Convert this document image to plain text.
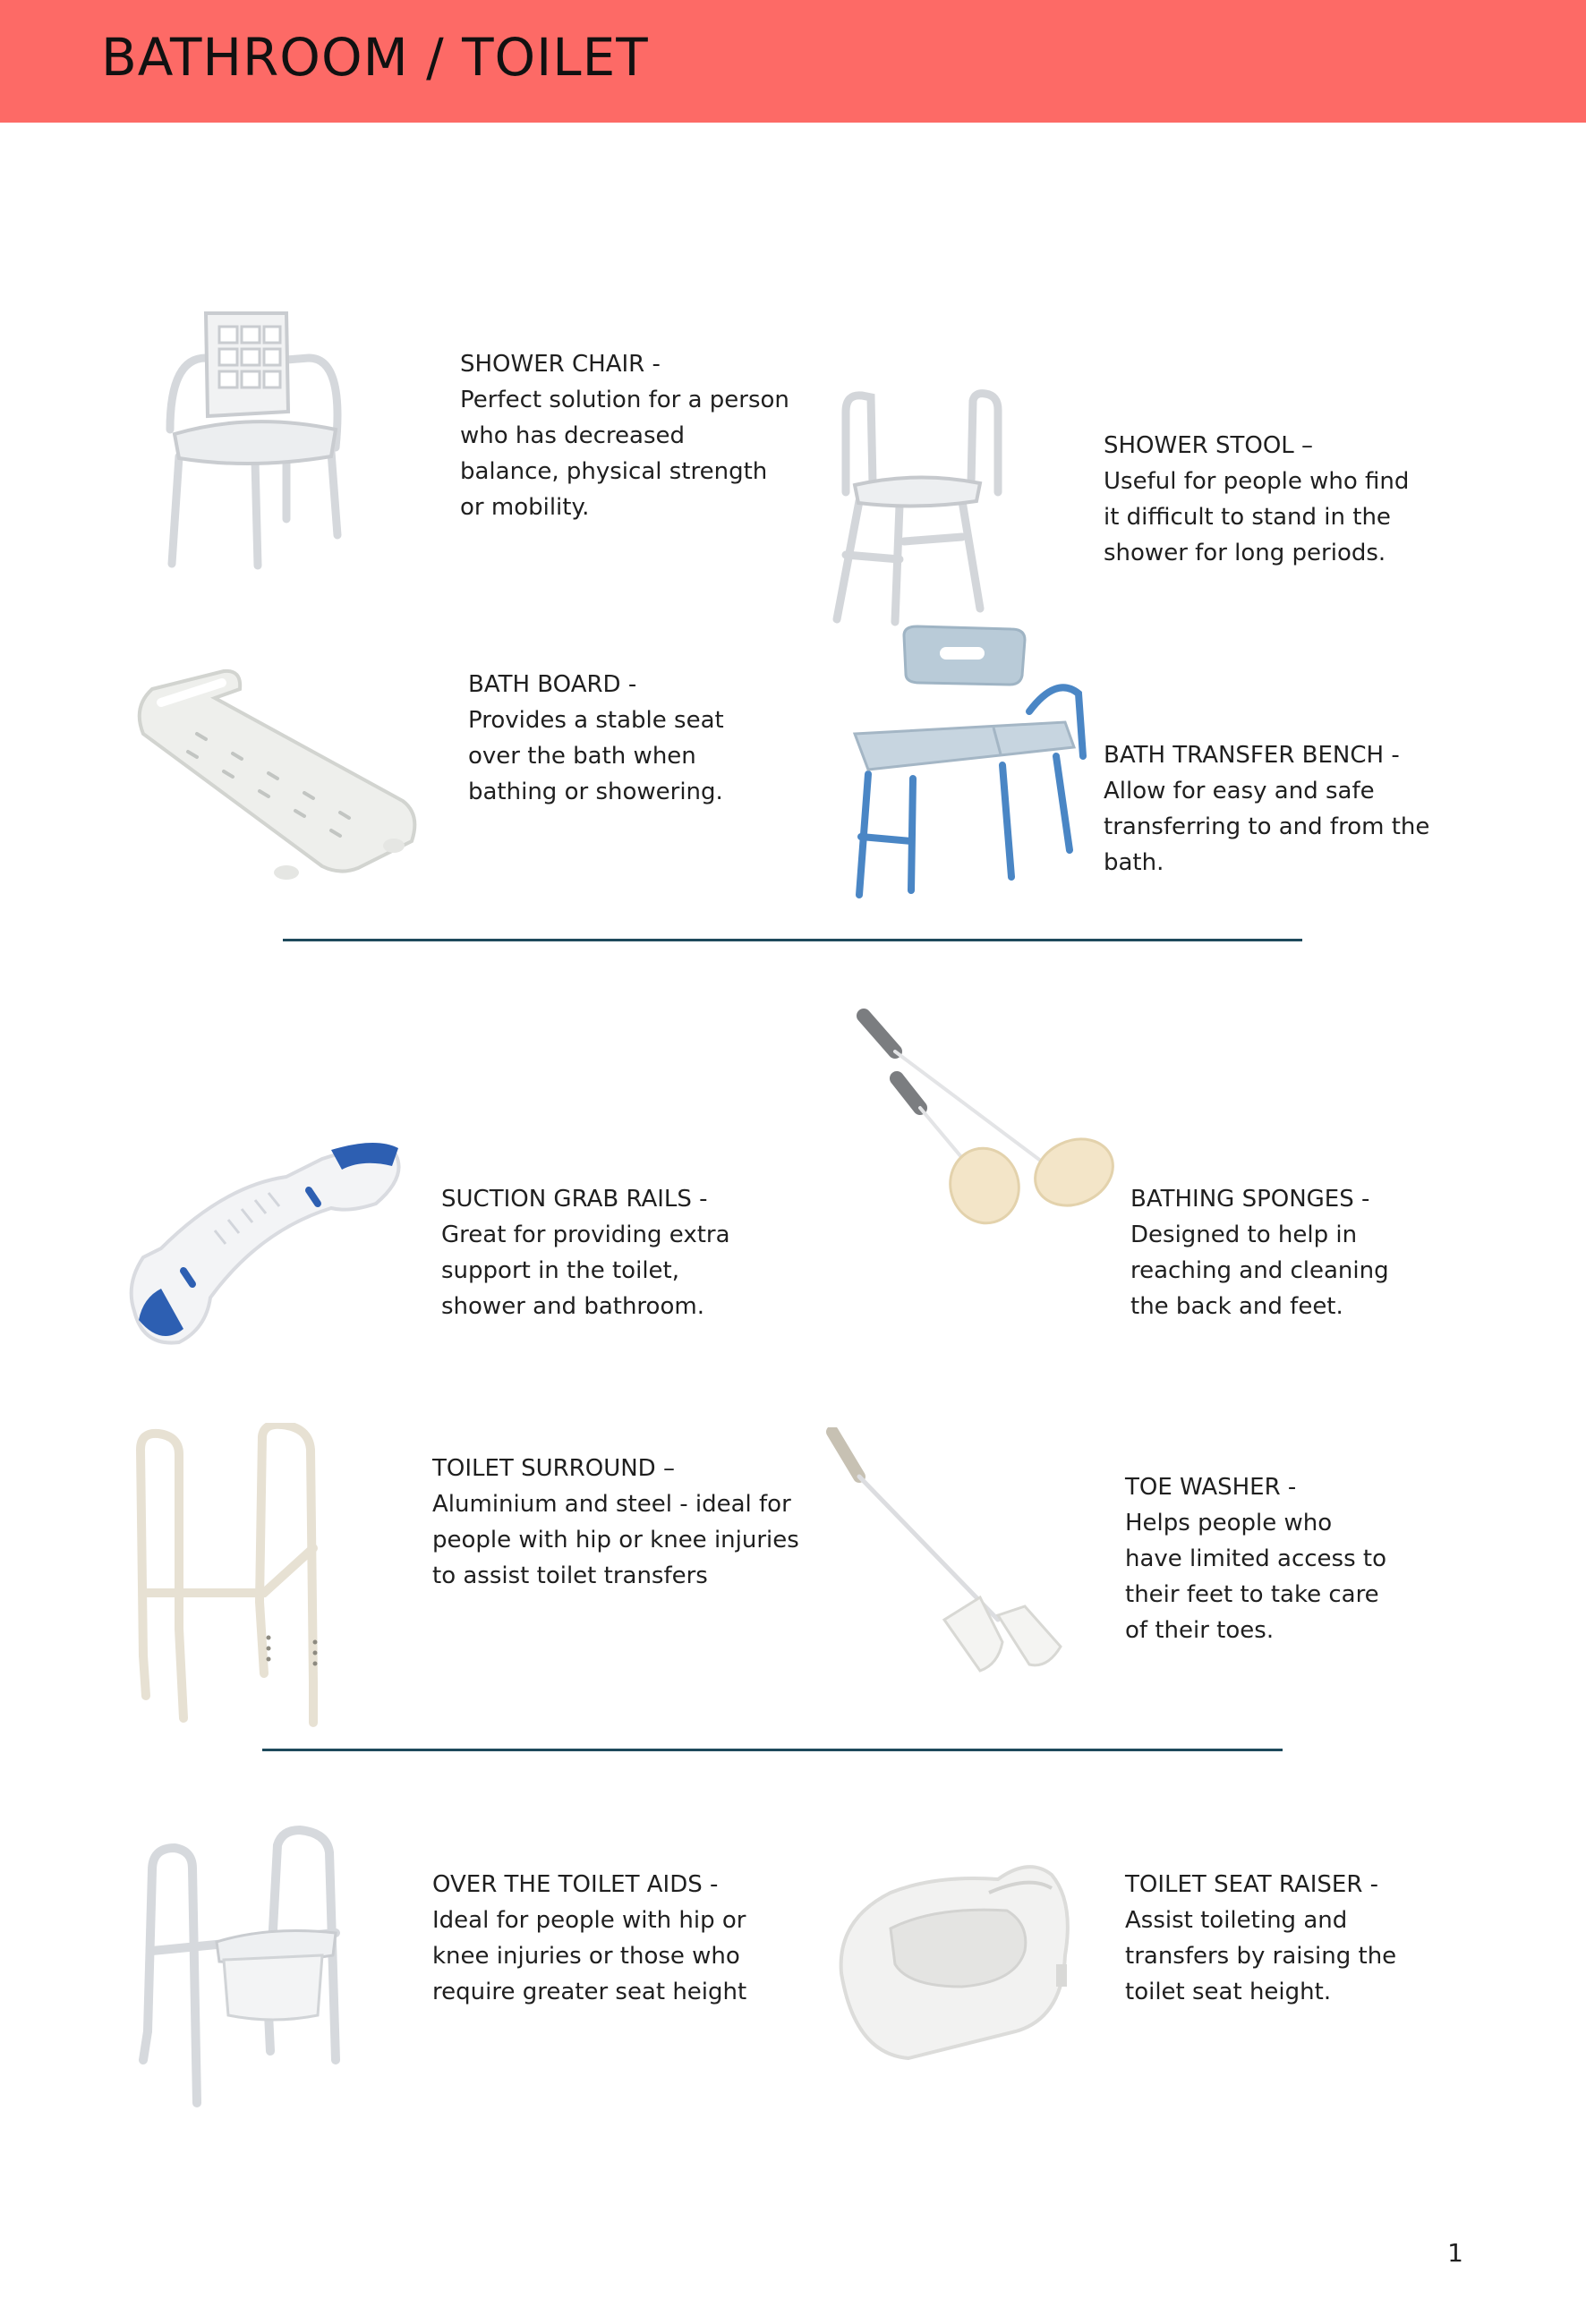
BATHROOM / TOILET
SHOWER CHAIR -
Perfect solution for a person
who has decreased
balance, physical strength
or mobility.
SHOWER STOOL –
Useful for people who find
it difficult to stand in the
shower for long periods.
BATH BOARD -
Provides a stable seat
over the bath when
bathing or showering.
BATH TRANSFER BENCH -
Allow for easy and safe
transferring to and from the
bath.
SUCTION GRAB RAILS -
Great for providing extra
support in the toilet,
shower and bathroom.
BATHING SPONGES -
Designed to help in
reaching and cleaning
the back and feet.
TOILET SURROUND –
Aluminium and steel - ideal for
people with hip or knee injuries
to assist toilet transfers
TOE WASHER -
Helps people who
have limited access to
their feet to take care
of their toes.
OVER THE TOILET AIDS -
Ideal for people with hip or
knee injuries or those who
require greater seat height
TOILET SEAT RAISER -
Assist toileting and
transfers by raising the
toilet seat height.
1
